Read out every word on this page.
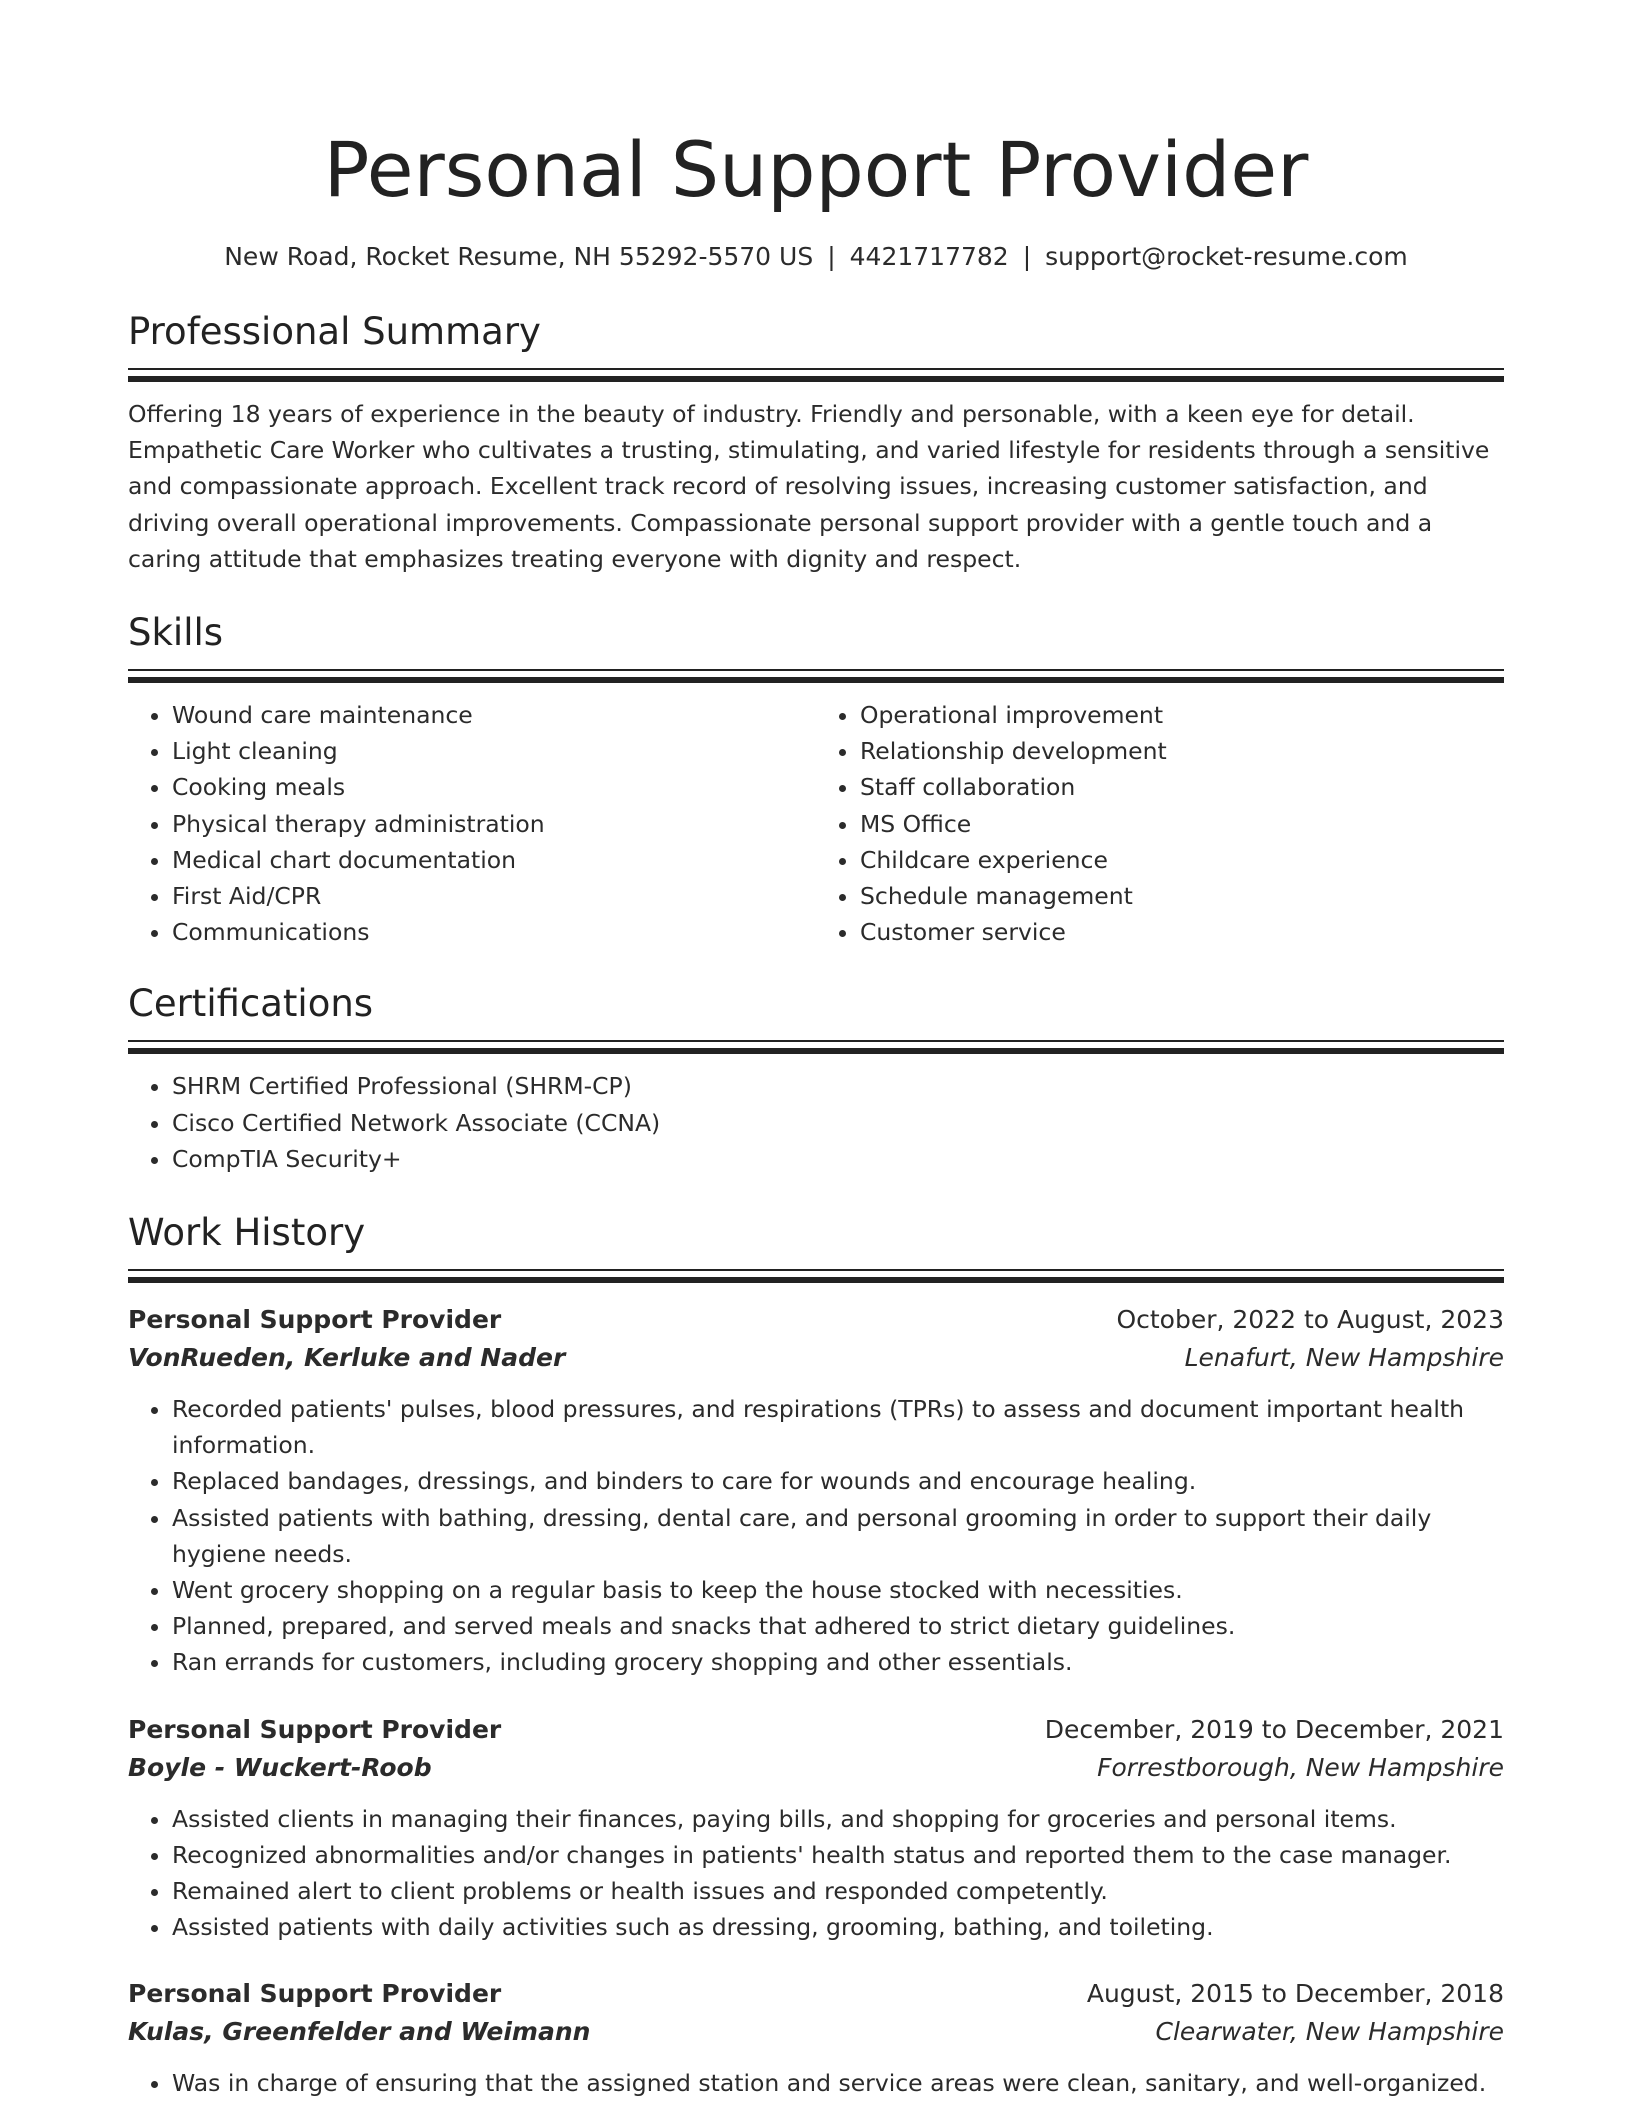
Personal Support Provider
New Road, Rocket Resume, NH 55292-5570 US | 4421717782 | support@rocket-resume.com
Professional Summary
Offering 18 years of experience in the beauty of industry. Friendly and personable, with a keen eye for detail. Empathetic Care Worker who cultivates a trusting, stimulating, and varied lifestyle for residents through a sensitive and compassionate approach. Excellent track record of resolving issues, increasing customer satisfaction, and driving overall operational improvements. Compassionate personal support provider with a gentle touch and a caring attitude that emphasizes treating everyone with dignity and respect.
Skills
• Wound care maintenance
• Light cleaning
• Cooking meals
• Physical therapy administration
• Medical chart documentation
• First Aid/CPR
• Communications
• Operational improvement
• Relationship development
• Staff collaboration
• MS Office
• Childcare experience
• Schedule management
• Customer service
Certifications
• SHRM Certified Professional (SHRM-CP)
• Cisco Certified Network Associate (CCNA)
• CompTIA Security+
Work History
Personal Support Provider	October, 2022 to August, 2023
VonRueden, Kerluke and Nader	Lenafurt, New Hampshire
• Recorded patients' pulses, blood pressures, and respirations (TPRs) to assess and document important health information.
• Replaced bandages, dressings, and binders to care for wounds and encourage healing.
• Assisted patients with bathing, dressing, dental care, and personal grooming in order to support their daily hygiene needs.
• Went grocery shopping on a regular basis to keep the house stocked with necessities.
• Planned, prepared, and served meals and snacks that adhered to strict dietary guidelines.
• Ran errands for customers, including grocery shopping and other essentials.
Personal Support Provider	December, 2019 to December, 2021
Boyle - Wuckert-Roob	Forrestborough, New Hampshire
• Assisted clients in managing their finances, paying bills, and shopping for groceries and personal items.
• Recognized abnormalities and/or changes in patients' health status and reported them to the case manager.
• Remained alert to client problems or health issues and responded competently.
• Assisted patients with daily activities such as dressing, grooming, bathing, and toileting.
Personal Support Provider	August, 2015 to December, 2018
Kulas, Greenfelder and Weimann	Clearwater, New Hampshire
• Was in charge of ensuring that the assigned station and service areas were clean, sanitary, and well-organized.
